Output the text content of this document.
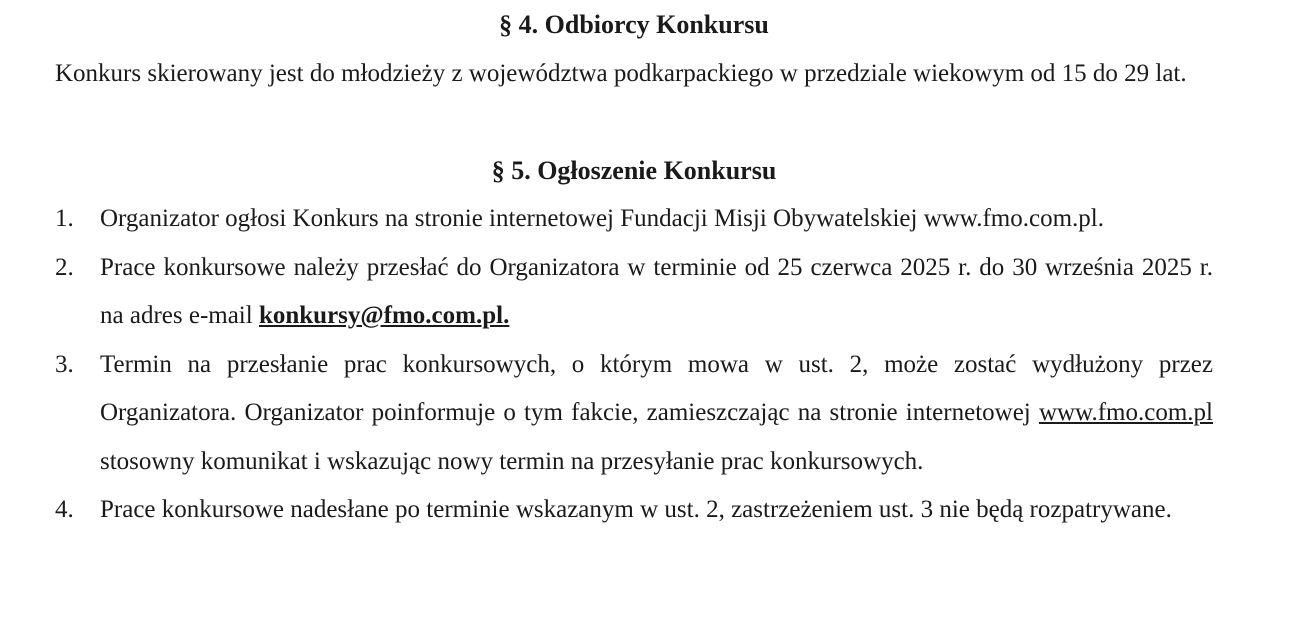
§ 4. Odbiorcy Konkursu
Konkurs skierowany jest do młodzieży z województwa podkarpackiego w przedziale wiekowym od 15 do 29 lat.
§ 5. Ogłoszenie Konkursu
1. Organizator ogłosi Konkurs na stronie internetowej Fundacji Misji Obywatelskiej www.fmo.com.pl.
2. Prace konkursowe należy przesłać do Organizatora w terminie od 25 czerwca 2025 r. do 30 września 2025 r. na adres e-mail konkursy@fmo.com.pl.
3. Termin na przesłanie prac konkursowych, o którym mowa w ust. 2, może zostać wydłużony przez Organizatora. Organizator poinformuje o tym fakcie, zamieszczając na stronie internetowej www.fmo.com.pl stosowny komunikat i wskazując nowy termin na przesyłanie prac konkursowych.
4. Prace konkursowe nadesłane po terminie wskazanym w ust. 2, zastrzeżeniem ust. 3 nie będą rozpatrywane.
